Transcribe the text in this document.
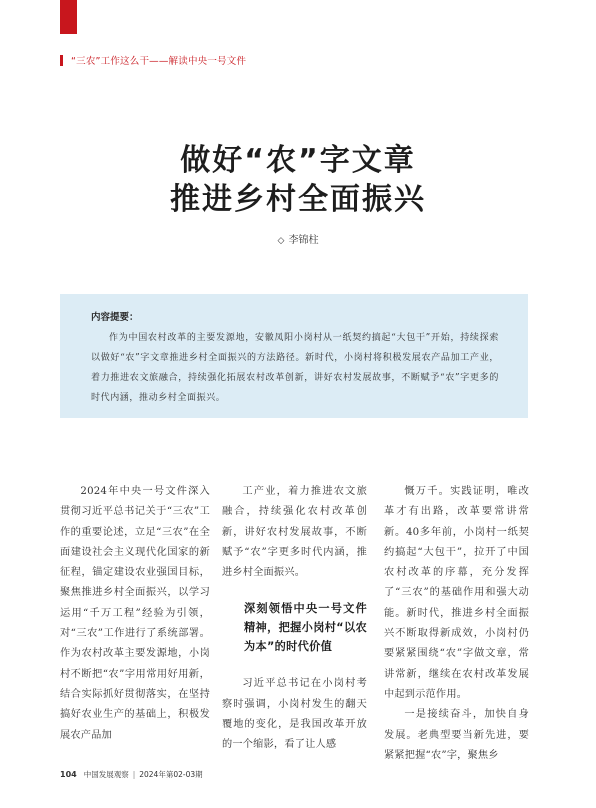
“三农”工作这么干——解读中央一号文件
做好“农”字文章
推进乡村全面振兴
◇ 李锦柱
内容提要：

作为中国农村改革的主要发源地，安徽凤阳小岗村从一纸契约搞起“大包干”开始，持续探索以做好“农”字文章推进乡村全面振兴的方法路径。新时代，小岗村将积极发展农产品加工产业，着力推进农文旅融合，持续强化拓展农村改革创新，讲好农村发展故事，不断赋予“农”字更多的时代内涵，推动乡村全面振兴。

2024年中央一号文件深入贯彻习近平总书记关于“三农”工作的重要论述，立足“三农”在全面建设社会主义现代化国家的新征程，锚定建设农业强国目标，聚焦推进乡村全面振兴，以学习运用“千万工程”经验为引领，对“三农”工作进行了系统部署。作为农村改革主要发源地，小岗村不断把“农”字用常用好用新，结合实际抓好贯彻落实，在坚持搞好农业生产的基础上，积极发展农产品加

工产业，着力推进农文旅融合，持续强化农村改革创新，讲好农村发展故事，不断赋予“农”字更多时代内涵，推进乡村全面振兴。

深刻领悟中央一号文件精神，把握小岗村“以农为本”的时代价值

习近平总书记在小岗村考察时强调，小岗村发生的翻天覆地的变化，是我国改革开放的一个缩影，看了让人感

慨万千。实践证明，唯改革才有出路，改革要常讲常新。40多年前，小岗村一纸契约搞起“大包干”，拉开了中国农村改革的序幕，充分发挥了“三农”的基础作用和强大动能。新时代，推进乡村全面振兴不断取得新成效，小岗村仍要紧紧围绕“农”字做文章，常讲常新，继续在农村改革发展中起到示范作用。

一是接续奋斗，加快自身发展。老典型要当新先进，要紧紧把握“农”字，聚焦乡

104 中国发展观察 | 2024年第02-03期
